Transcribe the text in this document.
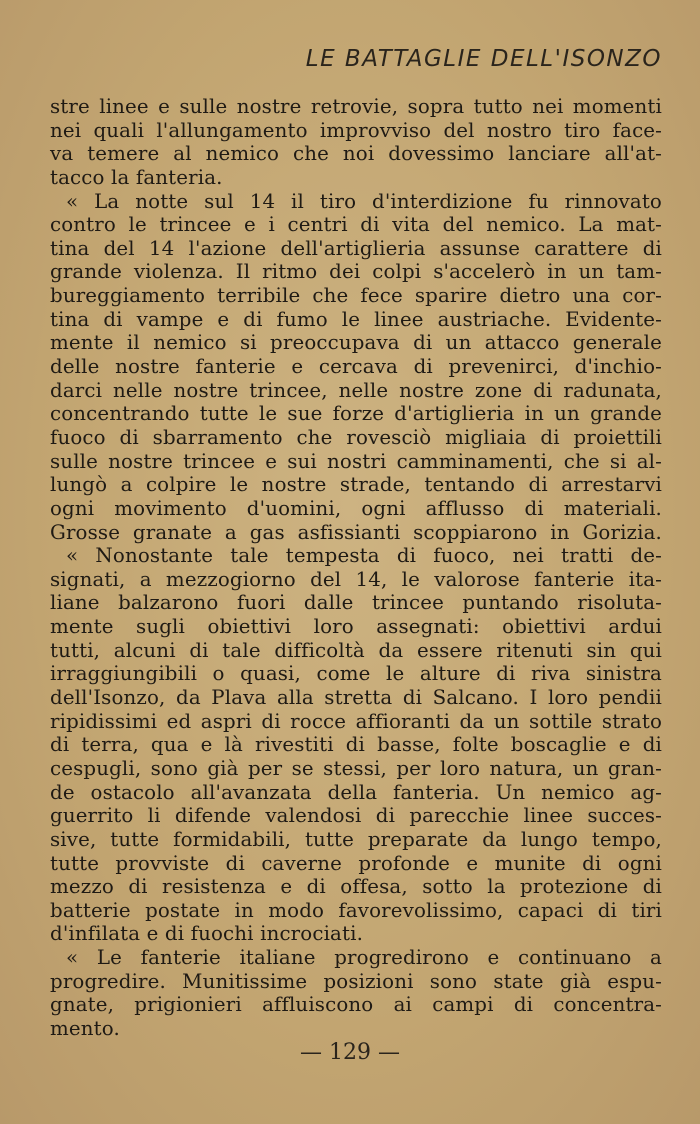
LE BATTAGLIE DELL'ISONZO
stre linee e sulle nostre retrovie, sopra tutto nei momenti
nei quali l'allungamento improvviso del nostro tiro face-
va temere al nemico che noi dovessimo lanciare all'at-
tacco la fanteria.
« La notte sul 14 il tiro d'interdizione fu rinnovato
contro le trincee e i centri di vita del nemico. La mat-
tina del 14 l'azione dell'artiglieria assunse carattere di
grande violenza. Il ritmo dei colpi s'accelerò in un tam-
bureggiamento terribile che fece sparire dietro una cor-
tina di vampe e di fumo le linee austriache. Evidente-
mente il nemico si preoccupava di un attacco generale
delle nostre fanterie e cercava di prevenirci, d'inchio-
darci nelle nostre trincee, nelle nostre zone di radunata,
concentrando tutte le sue forze d'artiglieria in un grande
fuoco di sbarramento che rovesciò migliaia di proiettili
sulle nostre trincee e sui nostri camminamenti, che si al-
lungò a colpire le nostre strade, tentando di arrestarvi
ogni movimento d'uomini, ogni afflusso di materiali.
Grosse granate a gas asfissianti scoppiarono in Gorizia.
« Nonostante tale tempesta di fuoco, nei tratti de-
signati, a mezzogiorno del 14, le valorose fanterie ita-
liane balzarono fuori dalle trincee puntando risoluta-
mente sugli obiettivi loro assegnati: obiettivi ardui
tutti, alcuni di tale difficoltà da essere ritenuti sin qui
irraggiungibili o quasi, come le alture di riva sinistra
dell'Isonzo, da Plava alla stretta di Salcano. I loro pendii
ripidissimi ed aspri di rocce affioranti da un sottile strato
di terra, qua e là rivestiti di basse, folte boscaglie e di
cespugli, sono già per se stessi, per loro natura, un gran-
de ostacolo all'avanzata della fanteria. Un nemico ag-
guerrito li difende valendosi di parecchie linee succes-
sive, tutte formidabili, tutte preparate da lungo tempo,
tutte provviste di caverne profonde e munite di ogni
mezzo di resistenza e di offesa, sotto la protezione di
batterie postate in modo favorevolissimo, capaci di tiri
d'infilata e di fuochi incrociati.
« Le fanterie italiane progredirono e continuano a
progredire. Munitissime posizioni sono state già espu-
gnate, prigionieri affluiscono ai campi di concentra-
mento.
— 129 —
